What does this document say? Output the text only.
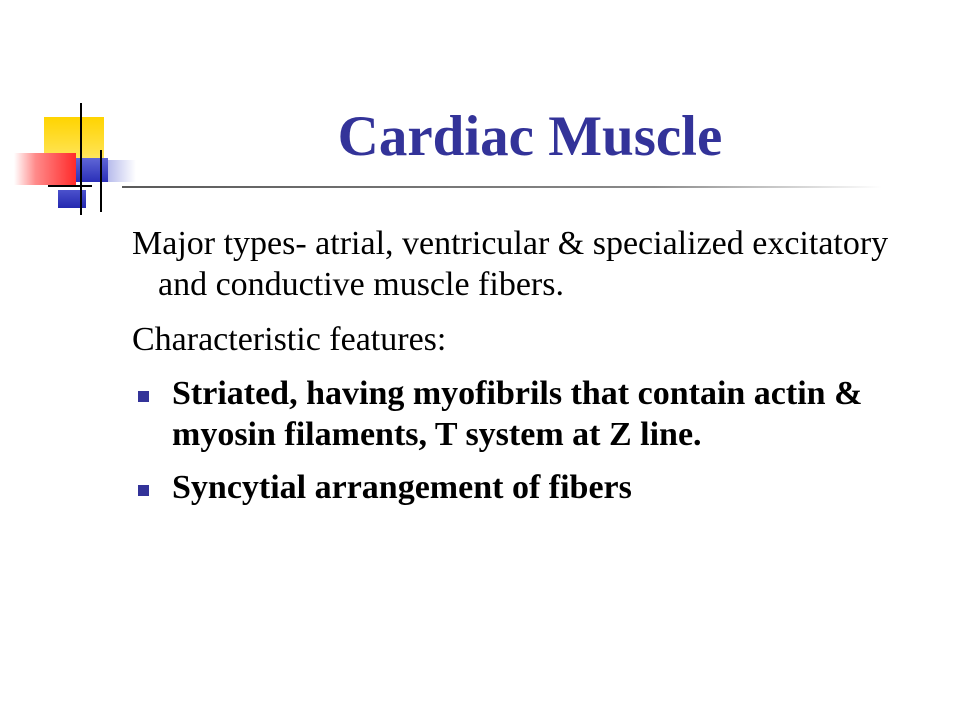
Cardiac Muscle

Major types- atrial, ventricular & specialized excitatory and conductive muscle fibers.

Characteristic features:

Striated, having myofibrils that contain actin & myosin filaments, T system at Z line.
Syncytial arrangement of fibers
